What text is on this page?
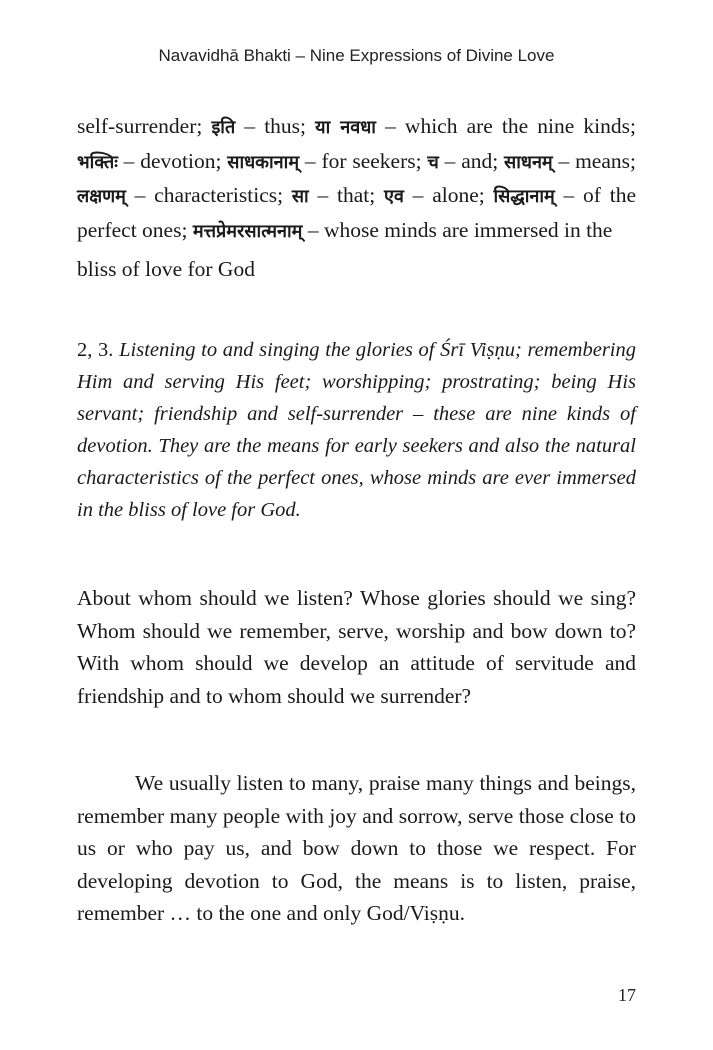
Navavidhā Bhakti – Nine Expressions of Divine Love
self-surrender; इति – thus; या नवधा – which are the nine kinds; भक्तिः – devotion; साधकानाम् – for seekers; च – and; साधनम् – means; लक्षणम् – characteristics; सा – that; एव – alone; सिद्धानाम् – of the perfect ones; मत्तप्रेमरसात्मनाम् – whose minds are immersed in the
bliss of love for God
2, 3. Listening to and singing the glories of Śrī Viṣṇu; remembering Him and serving His feet; worshipping; prostrating; being His servant; friendship and self-surrender – these are nine kinds of devotion. They are the means for early seekers and also the natural characteristics of the perfect ones, whose minds are ever immersed in the bliss of love for God.
About whom should we listen? Whose glories should we sing? Whom should we remember, serve, worship and bow down to? With whom should we develop an attitude of servitude and friendship and to whom should we surrender?
We usually listen to many, praise many things and beings, remember many people with joy and sorrow, serve those close to us or who pay us, and bow down to those we respect. For developing devotion to God, the means is to listen, praise, remember … to the one and only God/Viṣṇu.
17
